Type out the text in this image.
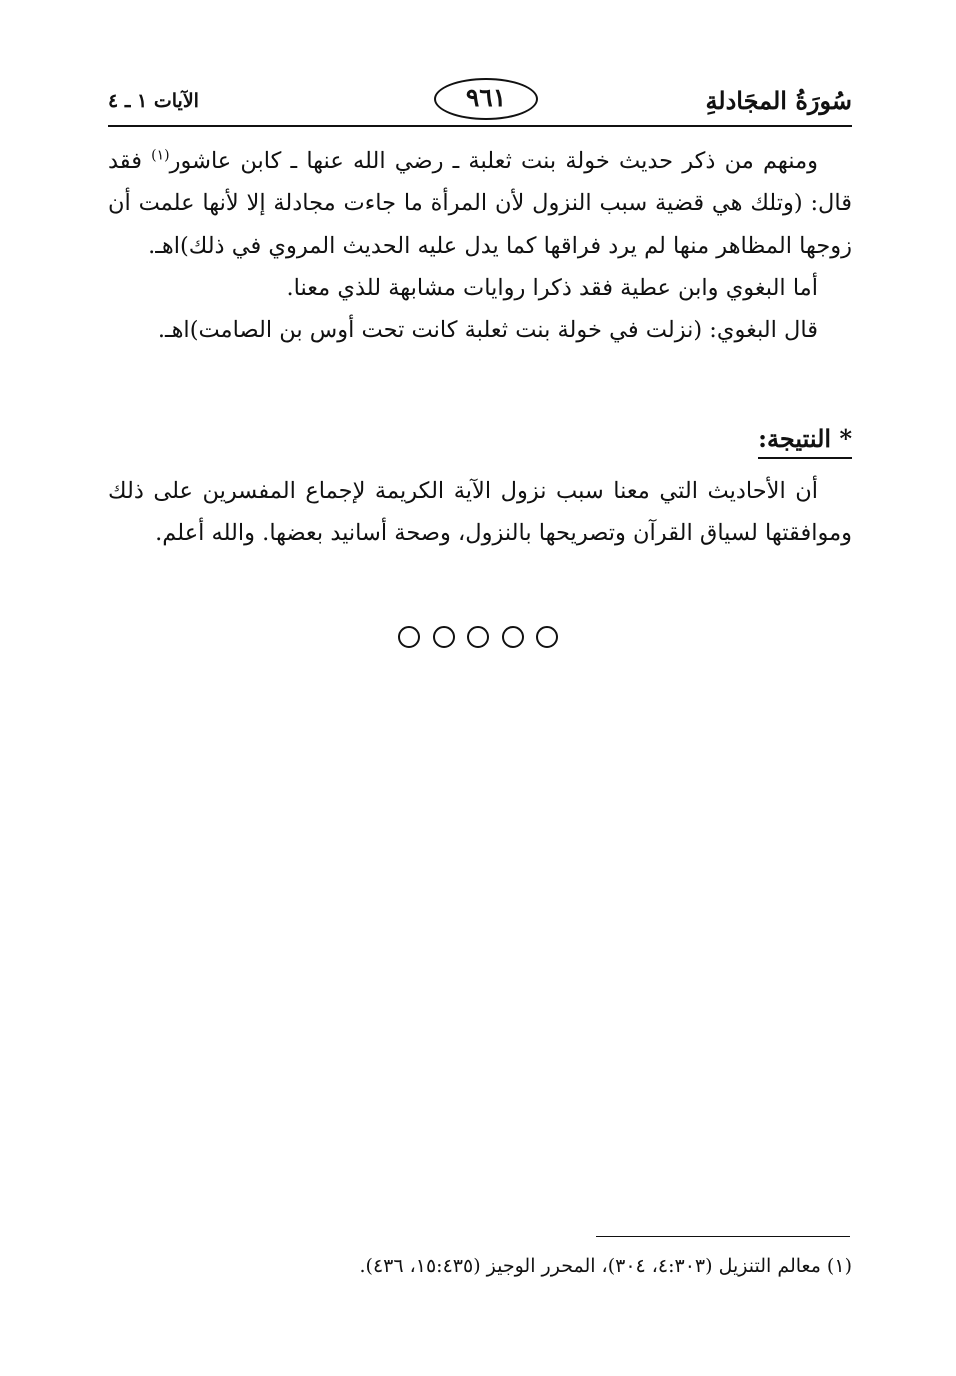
سُورَةُ المجَادلةِ
٩٦١
الآيات ١ ـ ٤

ومنهم من ذكر حديث خولة بنت ثعلبة ـ رضي الله عنها ـ كابن عاشور$^{(١)}$ فقد قال: (وتلك هي قضية سبب النزول لأن المرأة ما جاءت مجادلة إلا لأنها علمت أن زوجها المظاهر منها لم يرد فراقها كما يدل عليه الحديث المروي في ذلك)اهـ.

أما البغوي وابن عطية فقد ذكرا روايات مشابهة للذي معنا.

قال البغوي: (نزلت في خولة بنت ثعلبة كانت تحت أوس بن الصامت)اهـ.

* النتيجة:

أن الأحاديث التي معنا سبب نزول الآية الكريمة لإجماع المفسرين على ذلك وموافقتها لسياق القرآن وتصريحها بالنزول، وصحة أسانيد بعضها. والله أعلم.

(١) معالم التنزيل (٤:٣٠٣، ٣٠٤)، المحرر الوجيز (١٥:٤٣٥، ٤٣٦).
